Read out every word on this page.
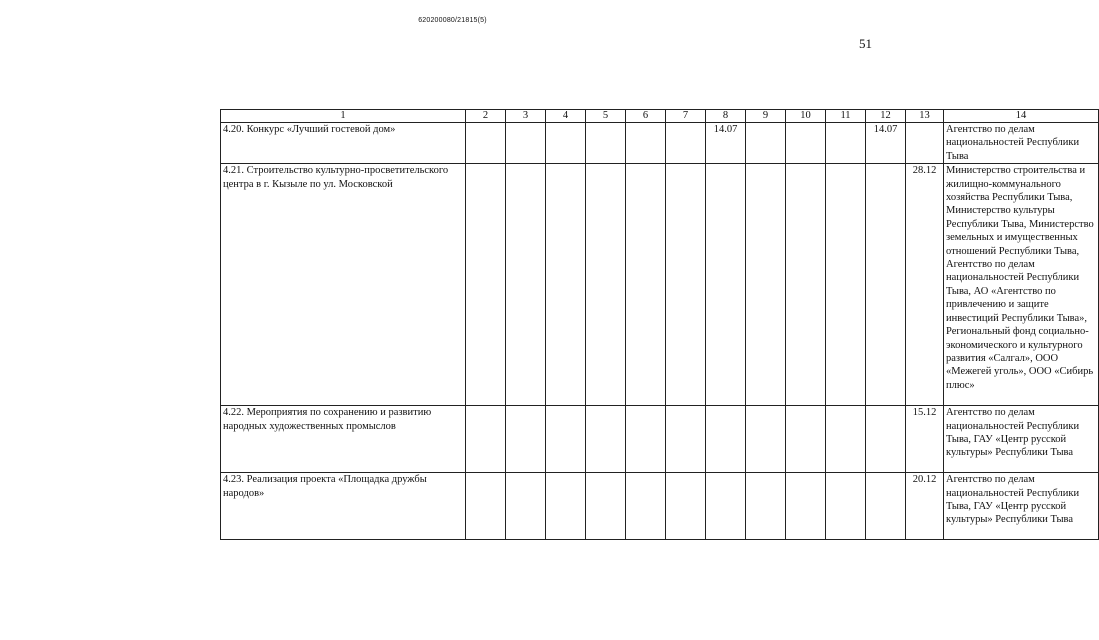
620200080/21815(5)
51
1	2	3	4	5	6	7	8	9	10	11	12	13	14
4.20. Конкурс «Лучший гостевой дом»							14.07				14.07		Агентство по делам национальностей Республики Тыва
4.21. Строительство культурно-просветительского центра в г. Кызыле по ул. Московской												28.12	Министерство строительства и жилищно-коммунального хозяйства Республики Тыва, Министерство культуры Республики Тыва, Министерство земельных и имущественных отношений Республики Тыва, Агентство по делам национальностей Республики Тыва, АО «Агентство по привлечению и защите инвестиций Республики Тыва», Региональный фонд социально-экономического и культурного развития «Салгал», ООО «Межегей уголь», ООО «Сибирь плюс»
4.22. Мероприятия по сохранению и развитию народных художественных промыслов												15.12	Агентство по делам национальностей Республики Тыва, ГАУ «Центр русской культуры» Республики Тыва
4.23. Реализация проекта «Площадка дружбы народов»												20.12	Агентство по делам национальностей Республики Тыва, ГАУ «Центр русской культуры» Республики Тыва
